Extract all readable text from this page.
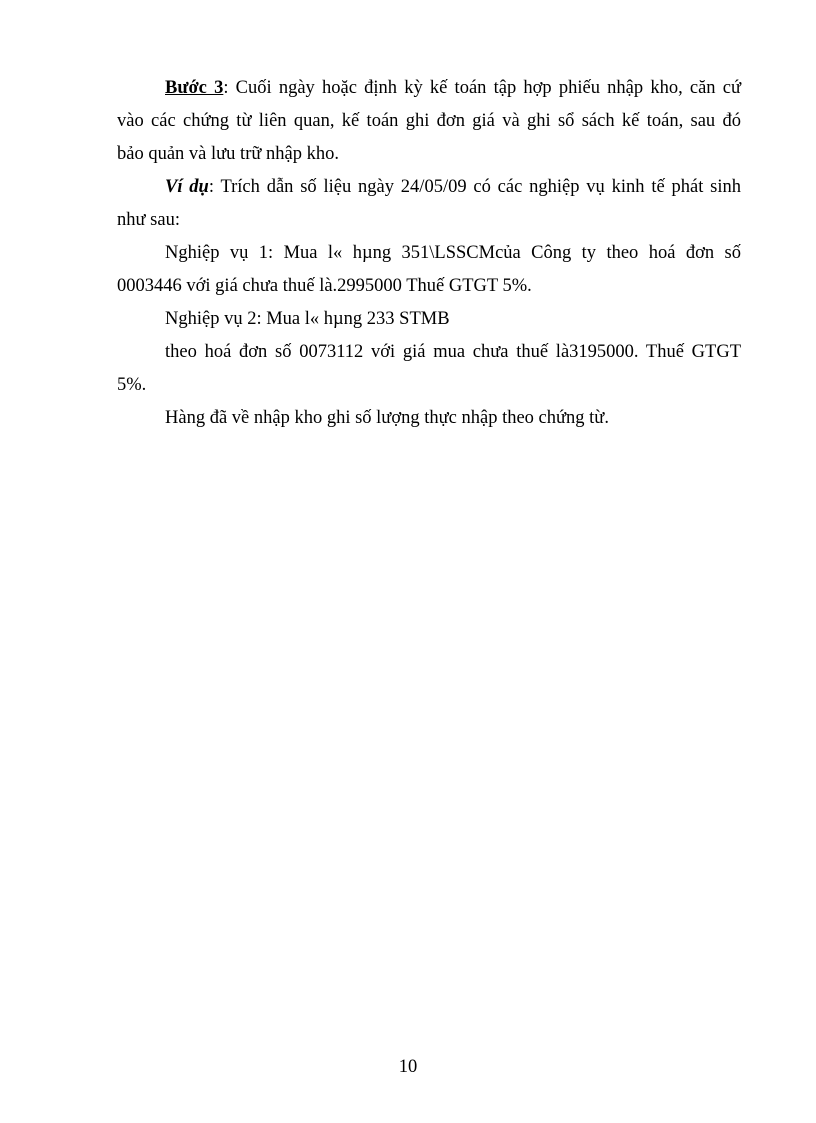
Bước 3: Cuối ngày hoặc định kỳ kế toán tập hợp phiếu nhập kho, căn cứ

vào các chứng từ liên quan, kế toán ghi đơn giá và ghi sổ sách kế toán, sau đó

bảo quản và lưu trữ nhập kho.

Ví dụ: Trích dẫn số liệu ngày 24/05/09 có các nghiệp vụ kinh tế phát sinh

như sau:

Nghiệp vụ 1: Mua l« hµng 351\LSSCMcủa Công ty theo hoá đơn số

0003446 với giá chưa thuế là.2995000 Thuế GTGT 5%.

Nghiệp vụ 2: Mua l« hµng 233 STMB

theo hoá đơn số 0073112 với giá mua chưa thuế là3195000. Thuế GTGT

5%.

Hàng đã về nhập kho ghi số lượng thực nhập theo chứng từ.

10
